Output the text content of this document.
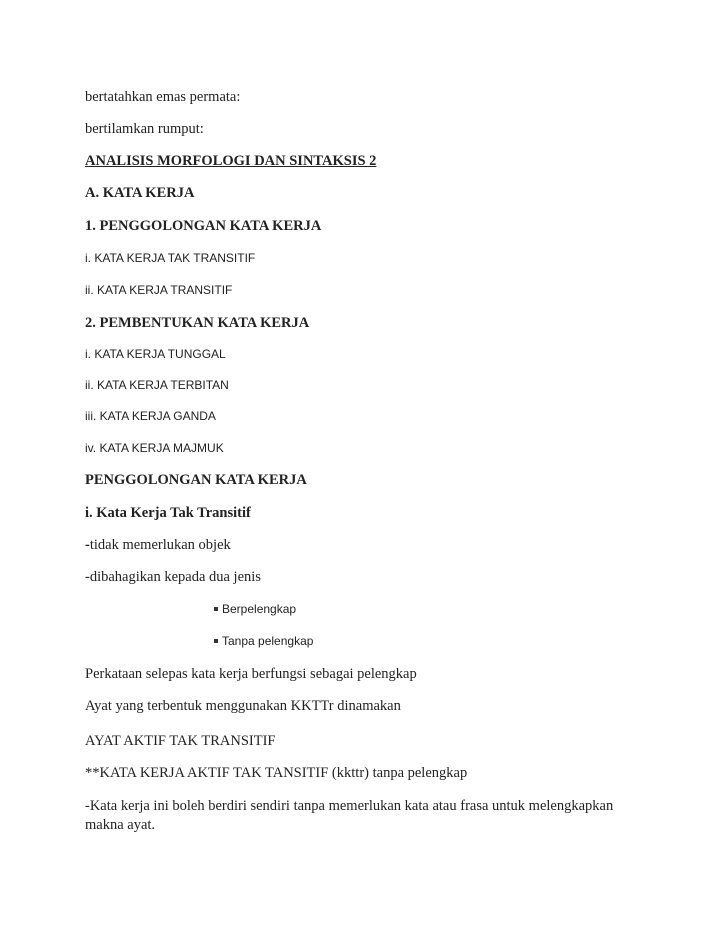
bertatahkan emas permata:

bertilamkan rumput:

ANALISIS MORFOLOGI DAN SINTAKSIS 2

A. KATA KERJA

1. PENGGOLONGAN KATA KERJA

i. KATA KERJA TAK TRANSITIF

ii. KATA KERJA TRANSITIF

2. PEMBENTUKAN KATA KERJA

i. KATA KERJA TUNGGAL

ii. KATA KERJA TERBITAN

iii. KATA KERJA GANDA

iv. KATA KERJA MAJMUK

PENGGOLONGAN KATA KERJA

i. Kata Kerja Tak Transitif

-tidak memerlukan objek

-dibahagikan kepada dua jenis

Berpelengkap
Tanpa pelengkap

Perkataan selepas kata kerja berfungsi sebagai pelengkap

Ayat yang terbentuk menggunakan KKTTr dinamakan

AYAT AKTIF TAK TRANSITIF

**KATA KERJA AKTIF TAK TANSITIF (kkttr) tanpa pelengkap

-Kata kerja ini boleh berdiri sendiri tanpa memerlukan kata atau frasa untuk melengkapkan makna ayat.
